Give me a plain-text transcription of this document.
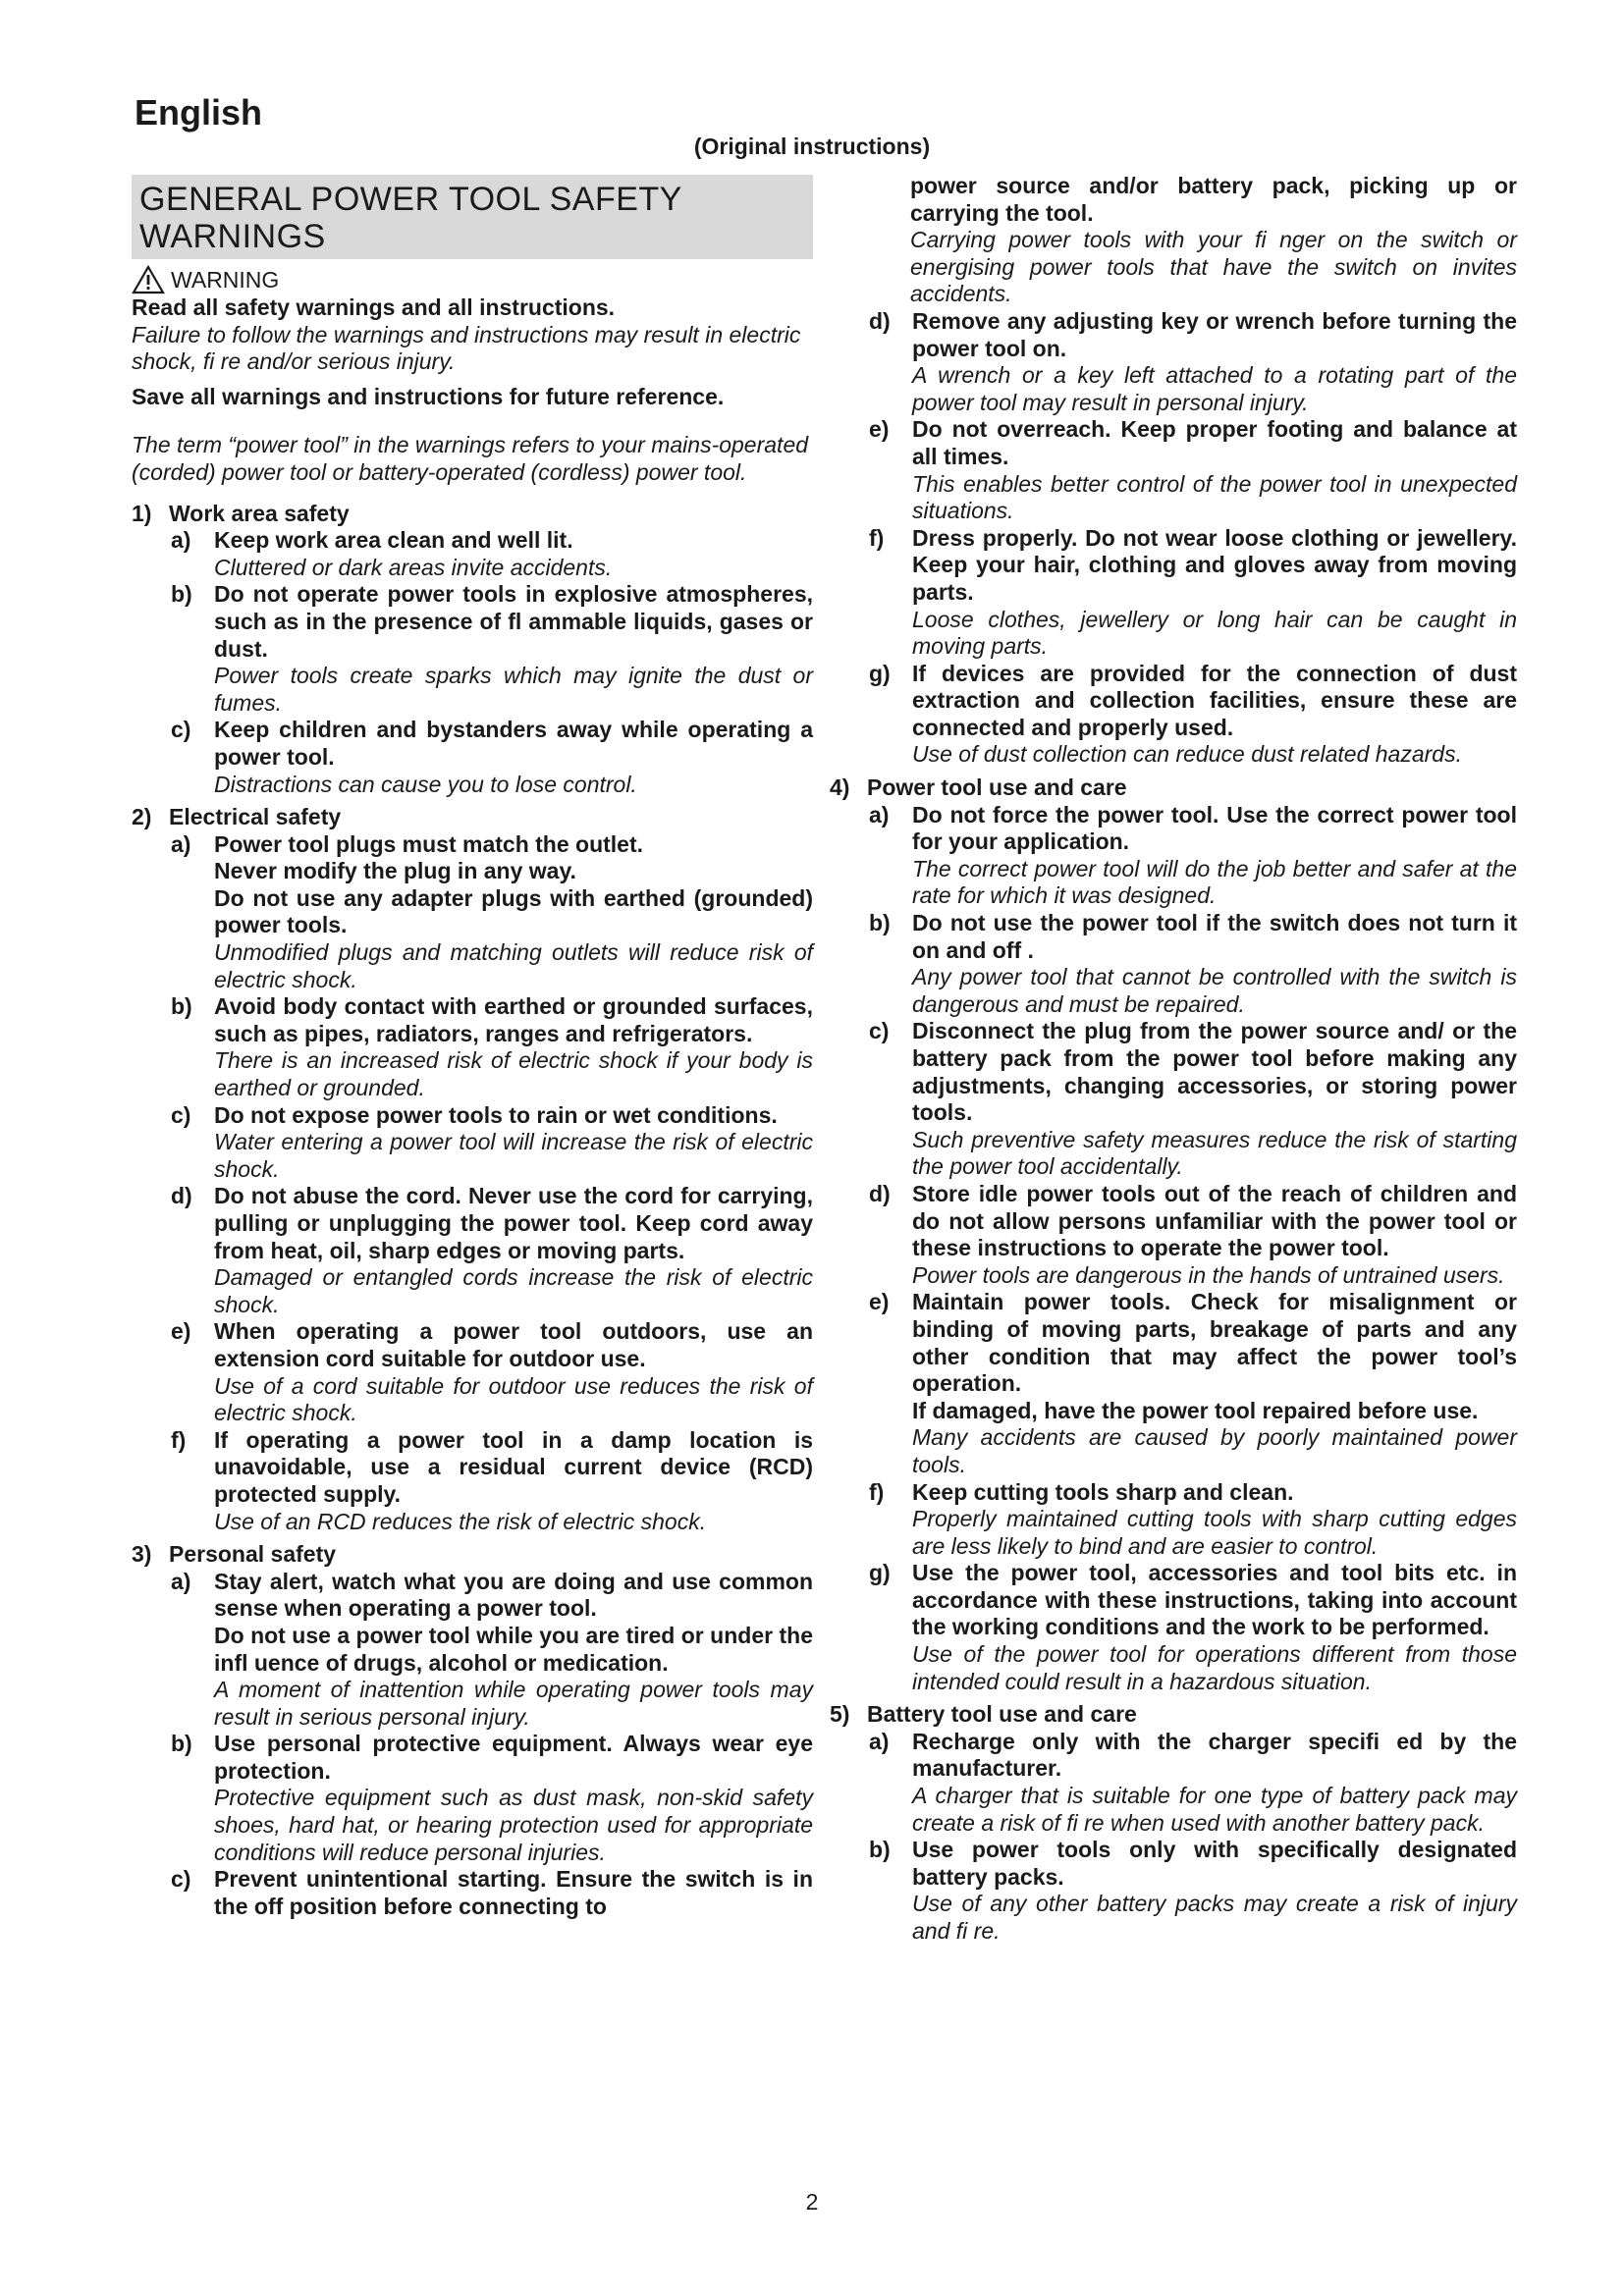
English
(Original instructions)
GENERAL POWER TOOL SAFETY
WARNINGS
WARNING

Read all safety warnings and all instructions.

Failure to follow the warnings and instructions may result in electric shock, fi re and/or serious injury.

Save all warnings and instructions for future reference.

The term “power tool” in the warnings refers to your mains-operated (corded) power tool or battery-operated (cordless) power tool.

1) Work area safety
a)	Keep work area clean and well lit.

Cluttered or dark areas invite accidents.

b) Do not operate power tools in explosive atmospheres, such as in the presence of fl ammable liquids, gases or dust.

Power tools create sparks which may ignite the dust or fumes.

c)	Keep children and bystanders away while operating a power tool.

Distractions can cause you to lose control.

2) Electrical safety
a)	Power tool plugs must match the outlet.

Never modify the plug in any way.

Do not use any adapter plugs with earthed (grounded) power tools.

Unmodified plugs and matching outlets will reduce risk of electric shock.

b) Avoid body contact with earthed or grounded surfaces, such as pipes, radiators, ranges and refrigerators.

There is an increased risk of electric shock if your body is earthed or grounded.

c)	Do not expose power tools to rain or wet conditions.

Water entering a power tool will increase the risk of electric shock.

d) Do not abuse the cord. Never use the cord for carrying, pulling or unplugging the power tool. Keep cord away from heat, oil, sharp edges or moving parts.

Damaged or entangled cords increase the risk of electric shock.

e)	When operating a power tool outdoors, use an extension cord suitable for outdoor use.

Use of a cord suitable for outdoor use reduces the risk of electric shock.

f)	If operating a power tool in a damp location is unavoidable, use a residual current device (RCD) protected supply.

Use of an RCD reduces the risk of electric shock.

3) Personal safety
a)	Stay alert, watch what you are doing and use common sense when operating a power tool.

Do not use a power tool while you are tired or under the infl uence of drugs, alcohol or medication.

A moment of inattention while operating power tools may result in serious personal injury.

b) Use personal protective equipment. Always wear eye protection.

Protective equipment such as dust mask, non-skid safety shoes, hard hat, or hearing protection used for appropriate conditions will reduce personal injuries.

c)	Prevent unintentional starting. Ensure the switch is in the off position before connecting to

power source and/or battery pack, picking up or carrying the tool.

Carrying power tools with your fi nger on the switch or energising power tools that have the switch on invites accidents.

d) Remove any adjusting key or wrench before turning the power tool on.

A wrench or a key left attached to a rotating part of the power tool may result in personal injury.

e)	Do not overreach. Keep proper footing and balance at all times.

This enables better control of the power tool in unexpected situations.

f)	Dress properly. Do not wear loose clothing or jewellery. Keep your hair, clothing and gloves away from moving parts.

Loose clothes, jewellery or long hair can be caught in moving parts.

g) If devices are provided for the connection of dust extraction and collection facilities, ensure these are connected and properly used.

Use of dust collection can reduce dust related hazards.

4) Power tool use and care
a)	Do not force the power tool. Use the correct power tool for your application.

The correct power tool will do the job better and safer at the rate for which it was designed.

b) Do not use the power tool if the switch does not turn it on and off .

Any power tool that cannot be controlled with the switch is dangerous and must be repaired.

c)	Disconnect the plug from the power source and/ or the battery pack from the power tool before making any adjustments, changing accessories, or storing power tools.

Such preventive safety measures reduce the risk of starting the power tool accidentally.

d) Store idle power tools out of the reach of children and do not allow persons unfamiliar with the power tool or these instructions to operate the power tool.

Power tools are dangerous in the hands of untrained users.

e)	Maintain power tools. Check for misalignment or binding of moving parts, breakage of parts and any other condition that may affect the power tool’s operation.

If damaged, have the power tool repaired before use.

Many accidents are caused by poorly maintained power tools.

f)	Keep cutting tools sharp and clean.

Properly maintained cutting tools with sharp cutting edges are less likely to bind and are easier to control.

g) Use the power tool, accessories and tool bits etc. in accordance with these instructions, taking into account the working conditions and the work to be performed.

Use of the power tool for operations different from those intended could result in a hazardous situation.

5) Battery tool use and care
a)	Recharge only with the charger specifi ed by the manufacturer.

A charger that is suitable for one type of battery pack may create a risk of fi re when used with another battery pack.

b) Use power tools only with specifically designated battery packs.

Use of any other battery packs may create a risk of injury and fi re.

2
